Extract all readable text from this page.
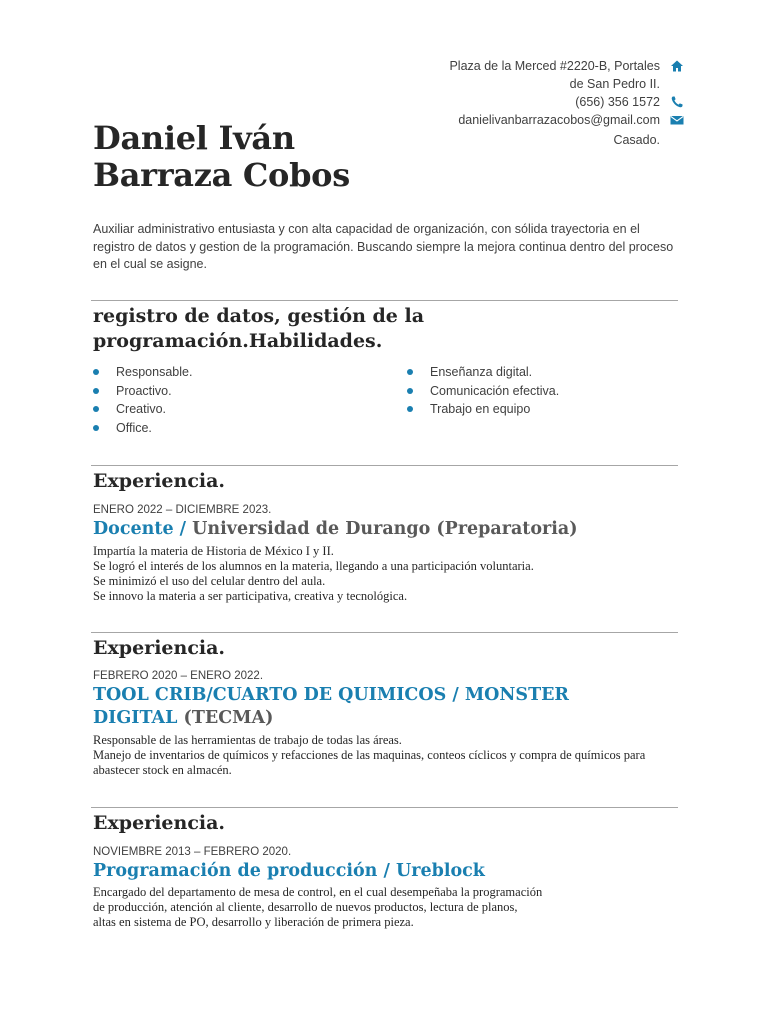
Plaza de la Merced #2220-B, Portales
de San Pedro II.
(656) 356 1572
danielivanbarrazacobos@gmail.com
Casado.
Daniel Iván
Barraza Cobos
Auxiliar administrativo entusiasta y con alta capacidad de organización, con sólida trayectoria en el registro de datos y gestion de la programación. Buscando siempre la mejora continua dentro del proceso en el cual se asigne.
registro de datos, gestión de la
programación.Habilidades.
Responsable.
Proactivo.
Creativo.
Office.
Enseñanza digital.
Comunicación efectiva.
Trabajo en equipo
Experiencia.
ENERO 2022 – DICIEMBRE 2023.
Docente / Universidad de Durango (Preparatoria)

Impartía la materia de Historia de México I y II.

Se logró el interés de los alumnos en la materia, llegando a una participación voluntaria.

Se minimizó el uso del celular dentro del aula.

Se innovo la materia a ser participativa, creativa y tecnológica.

Experiencia.
FEBRERO 2020 – ENERO 2022.
TOOL CRIB/CUARTO DE QUIMICOS / MONSTER DIGITAL (TECMA)

Responsable de las herramientas de trabajo de todas las áreas.

Manejo de inventarios de químicos y refacciones de las maquinas, conteos cíclicos y compra de químicos para abastecer stock en almacén.

Experiencia.
NOVIEMBRE 2013 – FEBRERO 2020.
Programación de producción / Ureblock

Encargado del departamento de mesa de control, en el cual desempeñaba la programación de producción, atención al cliente, desarrollo de nuevos productos, lectura de planos, altas en sistema de PO, desarrollo y liberación de primera pieza.
